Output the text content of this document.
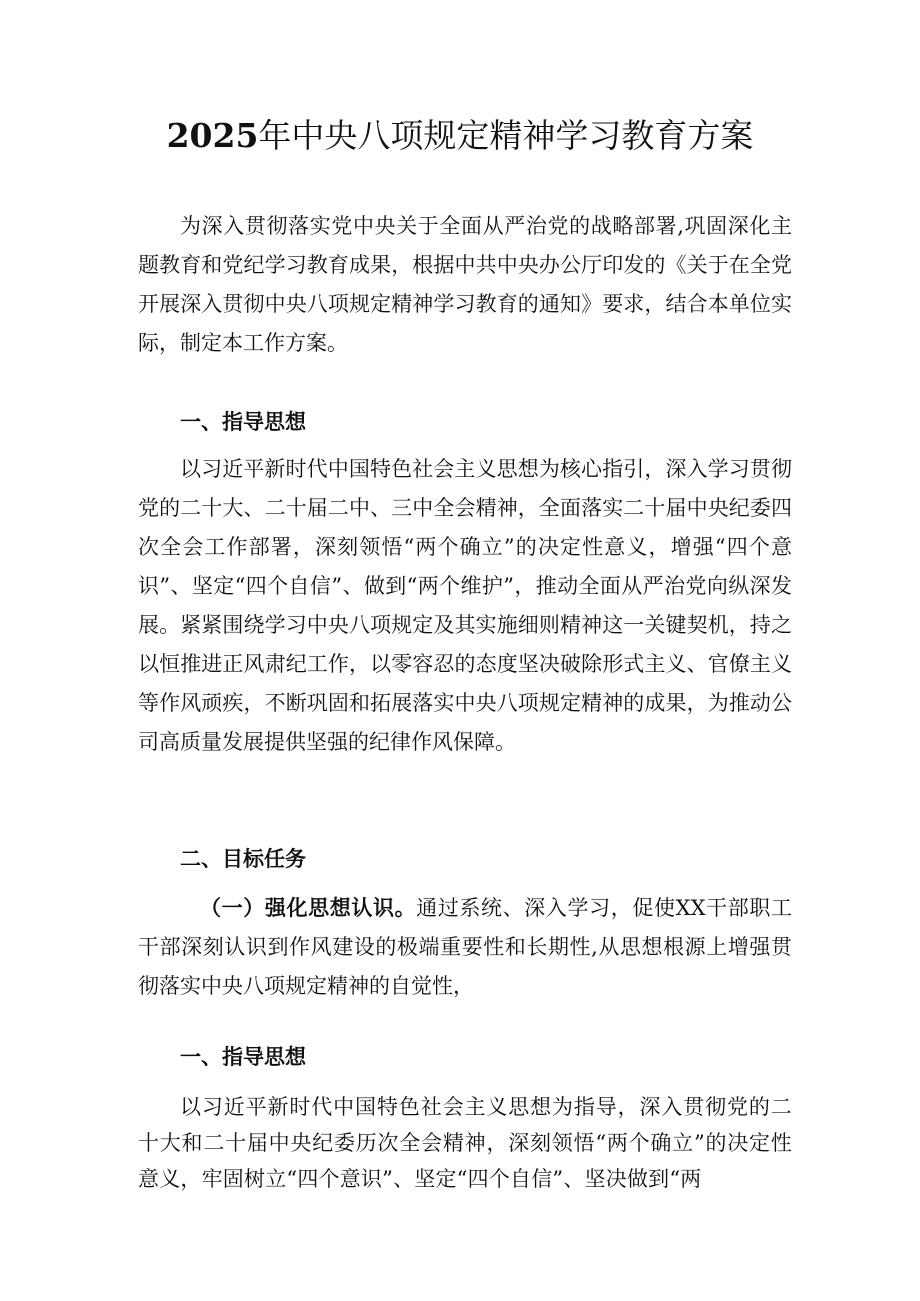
2025年中央八项规定精神学习教育方案

为深入贯彻落实党中央关于全面从严治党的战略部署,巩固深化主题教育和党纪学习教育成果，根据中共中央办公厅印发的《关于在全党开展深入贯彻中央八项规定精神学习教育的通知》要求，结合本单位实际，制定本工作方案。

一、指导思想

以习近平新时代中国特色社会主义思想为核心指引，深入学习贯彻党的二十大、二十届二中、三中全会精神，全面落实二十届中央纪委四次全会工作部署，深刻领悟“两个确立”的决定性意义，增强“四个意识”、坚定“四个自信”、做到“两个维护”，推动全面从严治党向纵深发展。紧紧围绕学习中央八项规定及其实施细则精神这一关键契机，持之以恒推进正风肃纪工作，以零容忍的态度坚决破除形式主义、官僚主义等作风顽疾，不断巩固和拓展落实中央八项规定精神的成果，为推动公司高质量发展提供坚强的纪律作风保障。

二、目标任务

（一）强化思想认识。通过系统、深入学习，促使XX干部职工干部深刻认识到作风建设的极端重要性和长期性,从思想根源上增强贯彻落实中央八项规定精神的自觉性，

一、指导思想

以习近平新时代中国特色社会主义思想为指导，深入贯彻党的二十大和二十届中央纪委历次全会精神，深刻领悟“两个确立”的决定性意义，牢固树立“四个意识”、坚定“四个自信”、坚决做到“两
